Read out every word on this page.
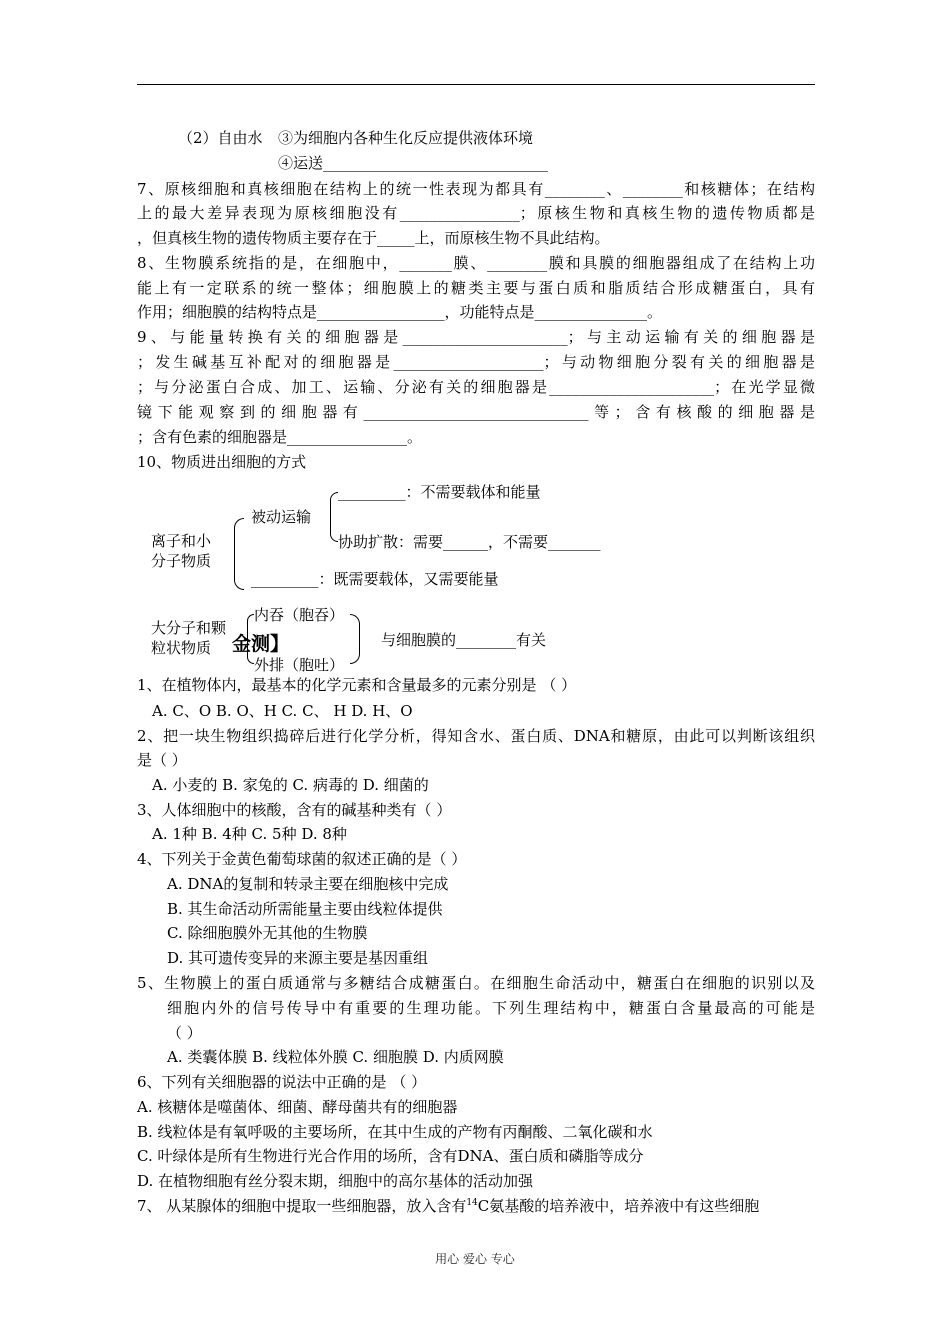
（2）自由水 ③为细胞内各种生化反应提供液体环境
④运送______________________________
7、原核细胞和真核细胞在结构上的统一性表现为都具有________、________和核糖体；在结构
上的最大差异表现为原核细胞没有________________；原核生物和真核生物的遗传物质都是
，但真核生物的遗传物质主要存在于_____上，而原核生物不具此结构。
8、生物膜系统指的是，在细胞中，_______膜、________膜和具膜的细胞器组成了在结构上功
能上有一定联系的统一整体；细胞膜上的糖类主要与蛋白质和脂质结合形成糖蛋白，具有
作用；细胞膜的结构特点是_________________，功能特点是_______________。
9、与能量转换有关的细胞器是______________________；与主动运输有关的细胞器是
；发生碱基互补配对的细胞器是____________________；与动物细胞分裂有关的细胞器是
；与分泌蛋白合成、加工、运输、分泌有关的细胞器是______________________；在光学显微
镜下能观察到的细胞器有______________________________等；含有核酸的细胞器是
；含有色素的细胞器是________________。
10、物质进出细胞的方式
_________：不需要载体和能量
被动运输
协助扩散：需要______，不需要_______
离子和小
分子物质
_________：既需要载体，又需要能量
内吞（胞吞）
大分子和颗
粒状物质 金测】
外排（胞吐）
与细胞膜的________有关
1、在植物体内，最基本的化学元素和含量最多的元素分别是 （ ）
A. C、O B. O、H C. C、 H D. H、O
2、把一块生物组织捣碎后进行化学分析，得知含水、蛋白质、DNA和糖原，由此可以判断该组织
是（ ）
A. 小麦的 B. 家兔的 C. 病毒的 D. 细菌的
3、人体细胞中的核酸，含有的碱基种类有（ ）
A. 1种 B. 4种 C. 5种 D. 8种
4、下列关于金黄色葡萄球菌的叙述正确的是（ ）
A. DNA的复制和转录主要在细胞核中完成
B. 其生命活动所需能量主要由线粒体提供
C. 除细胞膜外无其他的生物膜
D. 其可遗传变异的来源主要是基因重组
5、生物膜上的蛋白质通常与多糖结合成糖蛋白。在细胞生命活动中，糖蛋白在细胞的识别以及
细胞内外的信号传导中有重要的生理功能。下列生理结构中，糖蛋白含量最高的可能是
（ ）
A. 类囊体膜 B. 线粒体外膜 C. 细胞膜 D. 内质网膜
6、下列有关细胞器的说法中正确的是 （ ）
A. 核糖体是噬菌体、细菌、酵母菌共有的细胞器
B. 线粒体是有氧呼吸的主要场所，在其中生成的产物有丙酮酸、二氧化碳和水
C. 叶绿体是所有生物进行光合作用的场所，含有DNA、蛋白质和磷脂等成分
D. 在植物细胞有丝分裂末期，细胞中的高尔基体的活动加强
7、 从某腺体的细胞中提取一些细胞器，放入含有$^{14}$C氨基酸的培养液中，培养液中有这些细胞
用心 爱心 专心
